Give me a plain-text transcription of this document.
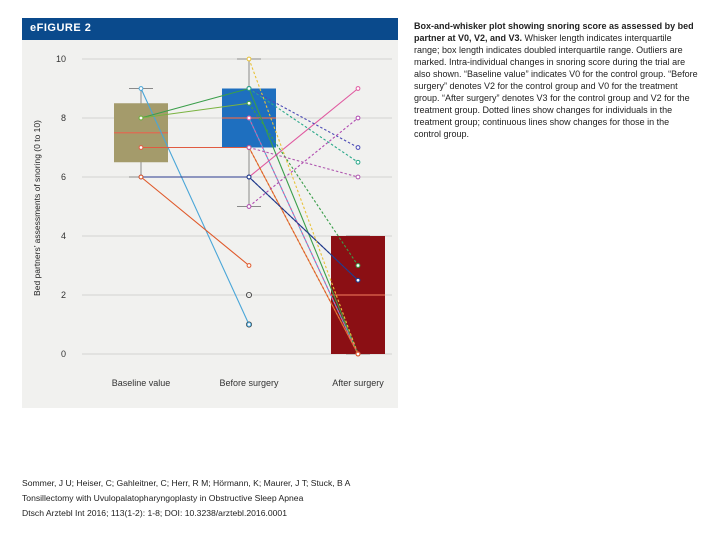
eFIGURE 2
0
2
4
6
8
10
Baseline value	Before surgery	After surgery
Bed partners’ assessments of snoring (0 to 10)
Box-and-whisker plot showing snoring score as assessed by bed partner at V0, V2, and V3. Whisker length indicates interquartile range; box length indicates doubled interquartile range. Outliers are marked. Intra-individual changes in snoring score during the trial are also shown. “Baseline value” indicates V0 for the control group. “Before surgery” denotes V2 for the control group and V0 for the treatment group. “After surgery” denotes V3 for the control group and V2 for the treatment group. Dotted lines show changes for individuals in the treatment group; continuous lines show changes for those in the control group.
Sommer, J U; Heiser, C; Gahleitner, C; Herr, R M; Hörmann, K; Maurer, J T; Stuck, B A
Tonsillectomy with Uvulopalatopharyngoplasty in Obstructive Sleep Apnea
Dtsch Arztebl Int 2016; 113(1-2): 1-8; DOI: 10.3238/arztebl.2016.0001
